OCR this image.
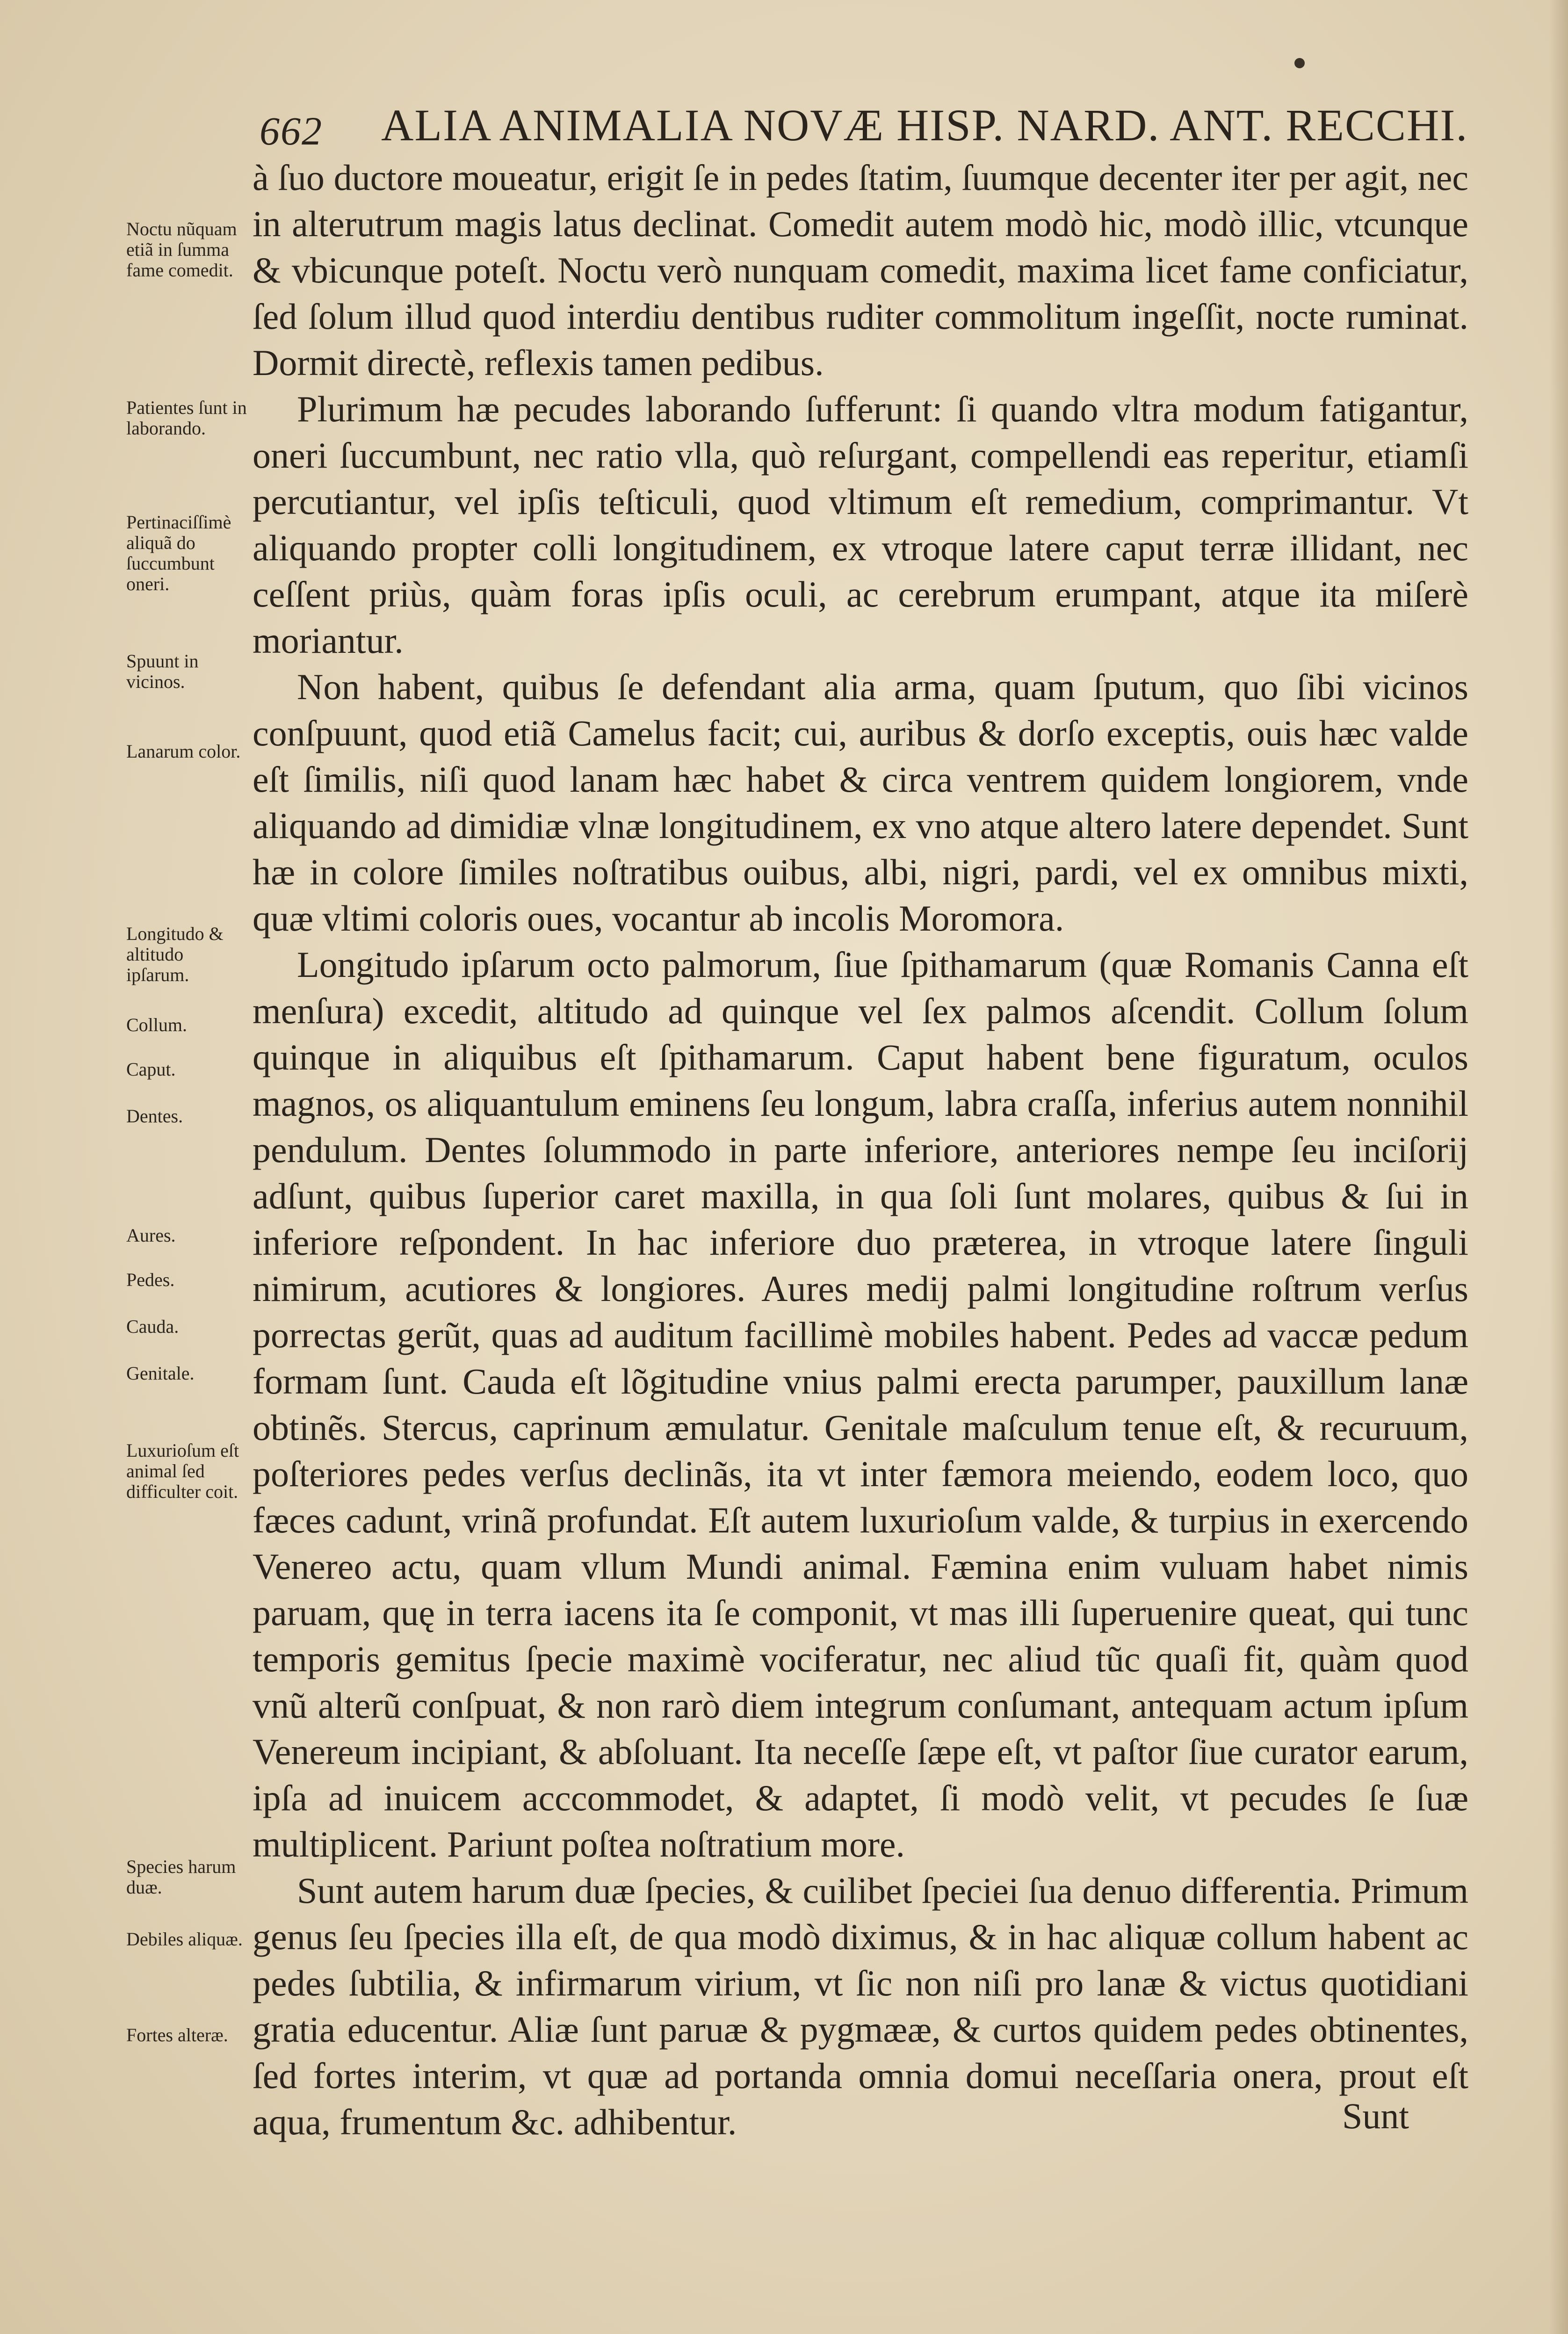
662 ALIA ANIMALIA NOVÆ HISP. NARD. ANT. RECCHI.
Noctu nũquam etiã in ſumma fame comedit.
Patientes ſunt in laborando.
Pertinaciſſimè aliquã do ſuccumbunt oneri.
Spuunt in vicinos.
Lanarum color.
Longitudo & altitudo ipſarum.
Collum.
Caput.
Dentes.
Aures.
Pedes.
Cauda.
Genitale.
Luxurioſum eſt animal ſed difficulter coit.
Species harum duæ.
Debiles aliquæ.
Fortes alteræ.

à ſuo ductore moueatur, erigit ſe in pedes ſtatim, ſuumque decenter iter per agit, nec in alterutrum magis latus declinat. Comedit autem modò hic, modò illic, vtcunque & vbicunque poteſt. Noctu verò nunquam comedit, maxima licet fame conficiatur, ſed ſolum illud quod interdiu dentibus ruditer commolitum ingeſſit, nocte ruminat. Dormit directè, reflexis tamen pedibus.

Plurimum hæ pecudes laborando ſufferunt: ſi quando vltra modum fatigantur, oneri ſuccumbunt, nec ratio vlla, quò reſurgant, compellendi eas reperitur, etiamſi percutiantur, vel ipſis teſticuli, quod vltimum eſt remedium, comprimantur. Vt aliquando propter colli longitudinem, ex vtroque latere caput terræ illidant, nec ceſſent priùs, quàm foras ipſis oculi, ac cerebrum erumpant, atque ita miſerè moriantur.

Non habent, quibus ſe defendant alia arma, quam ſputum, quo ſibi vicinos conſpuunt, quod etiã Camelus facit; cui, auribus & dorſo exceptis, ouis hæc valde eſt ſimilis, niſi quod lanam hæc habet & circa ventrem quidem longiorem, vnde aliquando ad dimidiæ vlnæ longitudinem, ex vno atque altero latere dependet. Sunt hæ in colore ſimiles noſtratibus ouibus, albi, nigri, pardi, vel ex omnibus mixti, quæ vltimi coloris oues, vocantur ab incolis Moromora.

Longitudo ipſarum octo palmorum, ſiue ſpithamarum (quæ Romanis Canna eſt menſura) excedit, altitudo ad quinque vel ſex palmos aſcendit. Collum ſolum quinque in aliquibus eſt ſpithamarum. Caput habent bene figuratum, oculos magnos, os aliquantulum eminens ſeu longum, labra craſſa, inferius autem nonnihil pendulum. Dentes ſolummodo in parte inferiore, anteriores nempe ſeu inciſorij adſunt, quibus ſuperior caret maxilla, in qua ſoli ſunt molares, quibus & ſui in inferiore reſpondent. In hac inferiore duo præterea, in vtroque latere ſinguli nimirum, acutiores & longiores. Aures medij palmi longitudine roſtrum verſus porrectas gerũt, quas ad auditum facillimè mobiles habent. Pedes ad vaccæ pedum formam ſunt. Cauda eſt lõgitudine vnius palmi erecta parumper, pauxillum lanæ obtinẽs. Stercus, caprinum æmulatur. Genitale maſculum tenue eſt, & recuruum, poſteriores pedes verſus declinãs, ita vt inter fæmora meiendo, eodem loco, quo fæces cadunt, vrinã profundat. Eſt autem luxurioſum valde, & turpius in exercendo Venereo actu, quam vllum Mundi animal. Fæmina enim vuluam habet nimis paruam, quę in terra iacens ita ſe componit, vt mas illi ſuperuenire queat, qui tunc temporis gemitus ſpecie maximè vociferatur, nec aliud tũc quaſi fit, quàm quod vnũ alterũ conſpuat, & non rarò diem integrum conſumant, antequam actum ipſum Venereum incipiant, & abſoluant. Ita neceſſe ſæpe eſt, vt paſtor ſiue curator earum, ipſa ad inuicem acccommodet, & adaptet, ſi modò velit, vt pecudes ſe ſuæ multiplicent. Pariunt poſtea noſtratium more.

Sunt autem harum duæ ſpecies, & cuilibet ſpeciei ſua denuo differentia. Primum genus ſeu ſpecies illa eſt, de qua modò diximus, & in hac aliquæ collum habent ac pedes ſubtilia, & infirmarum virium, vt ſic non niſi pro lanæ & victus quotidiani gratia educentur. Aliæ ſunt paruæ & pygmææ, & curtos quidem pedes obtinentes, ſed fortes interim, vt quæ ad portanda omnia domui neceſſaria onera, prout eſt aqua, frumentum &c. adhibentur.	Sunt
